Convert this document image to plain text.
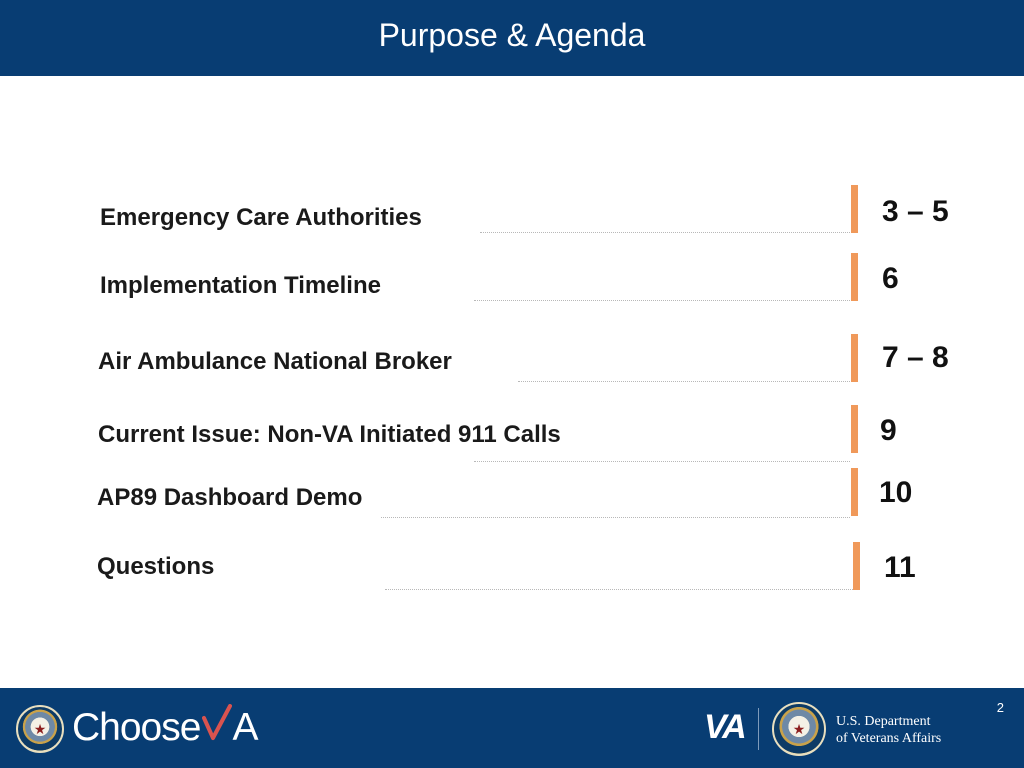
Purpose & Agenda
Emergency Care Authorities	3 – 5
Implementation Timeline	6
Air Ambulance National Broker	7 – 8
Current Issue: Non-VA Initiated 911 Calls	9
AP89 Dashboard Demo	10
Questions	11
★ Choose A	VA	★ U.S. Department
of Veterans Affairs
2
